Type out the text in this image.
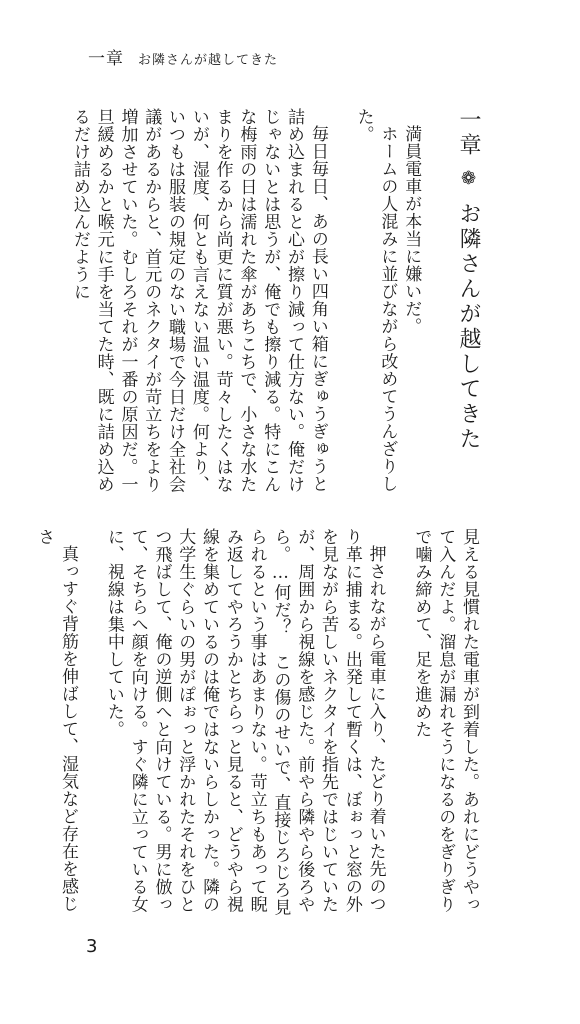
一章 お隣さんが越してきた
一章❁お隣さんが越してきた
満員電車が本当に嫌いだ。
ホームの人混みに並びながら改めてうんざりした。
毎日毎日、あの長い四角い箱にぎゅうぎゅうと詰め込まれると心が擦り減って仕方ない。俺だけじゃないとは思うが、俺でも擦り減る。特にこんな梅雨の日は濡れた傘があちこちで、小さな水たまりを作るから尚更に質が悪い。苛々したくはないが、湿度、何とも言えない温い温度。何より、いつもは服装の規定のない職場で今日だけ全社会議があるからと、首元のネクタイが苛立ちをより増加させていた。むしろそれが一番の原因だ。一旦緩めるかと喉元に手を当てた時、既に詰め込めるだけ詰め込んだように
見える見慣れた電車が到着した。あれにどうやって入んだよ。溜息が漏れそうになるのをぎりぎりで噛み締めて、足を進めた
押されながら電車に入り、たどり着いた先のつり革に捕まる。出発して暫くは、ぼぉっと窓の外を見ながら苦しいネクタイを指先ではじいていたが、周囲から視線を感じた。前やら隣やら後ろやら。…何だ？　この傷のせいで、直接じろじろ見られるという事はあまりない。苛立ちもあって睨み返してやろうかとちらっと見ると、どうやら視線を集めているのは俺ではないらしかった。隣の大学生ぐらいの男がぽぉっと浮かれたそれをひとつ飛ばして、俺の逆側へと向けている。男に倣って、そちらへ顔を向ける。すぐ隣に立っている女に、視線は集中していた。
真っすぐ背筋を伸ばして、湿気など存在を感じさ
3
